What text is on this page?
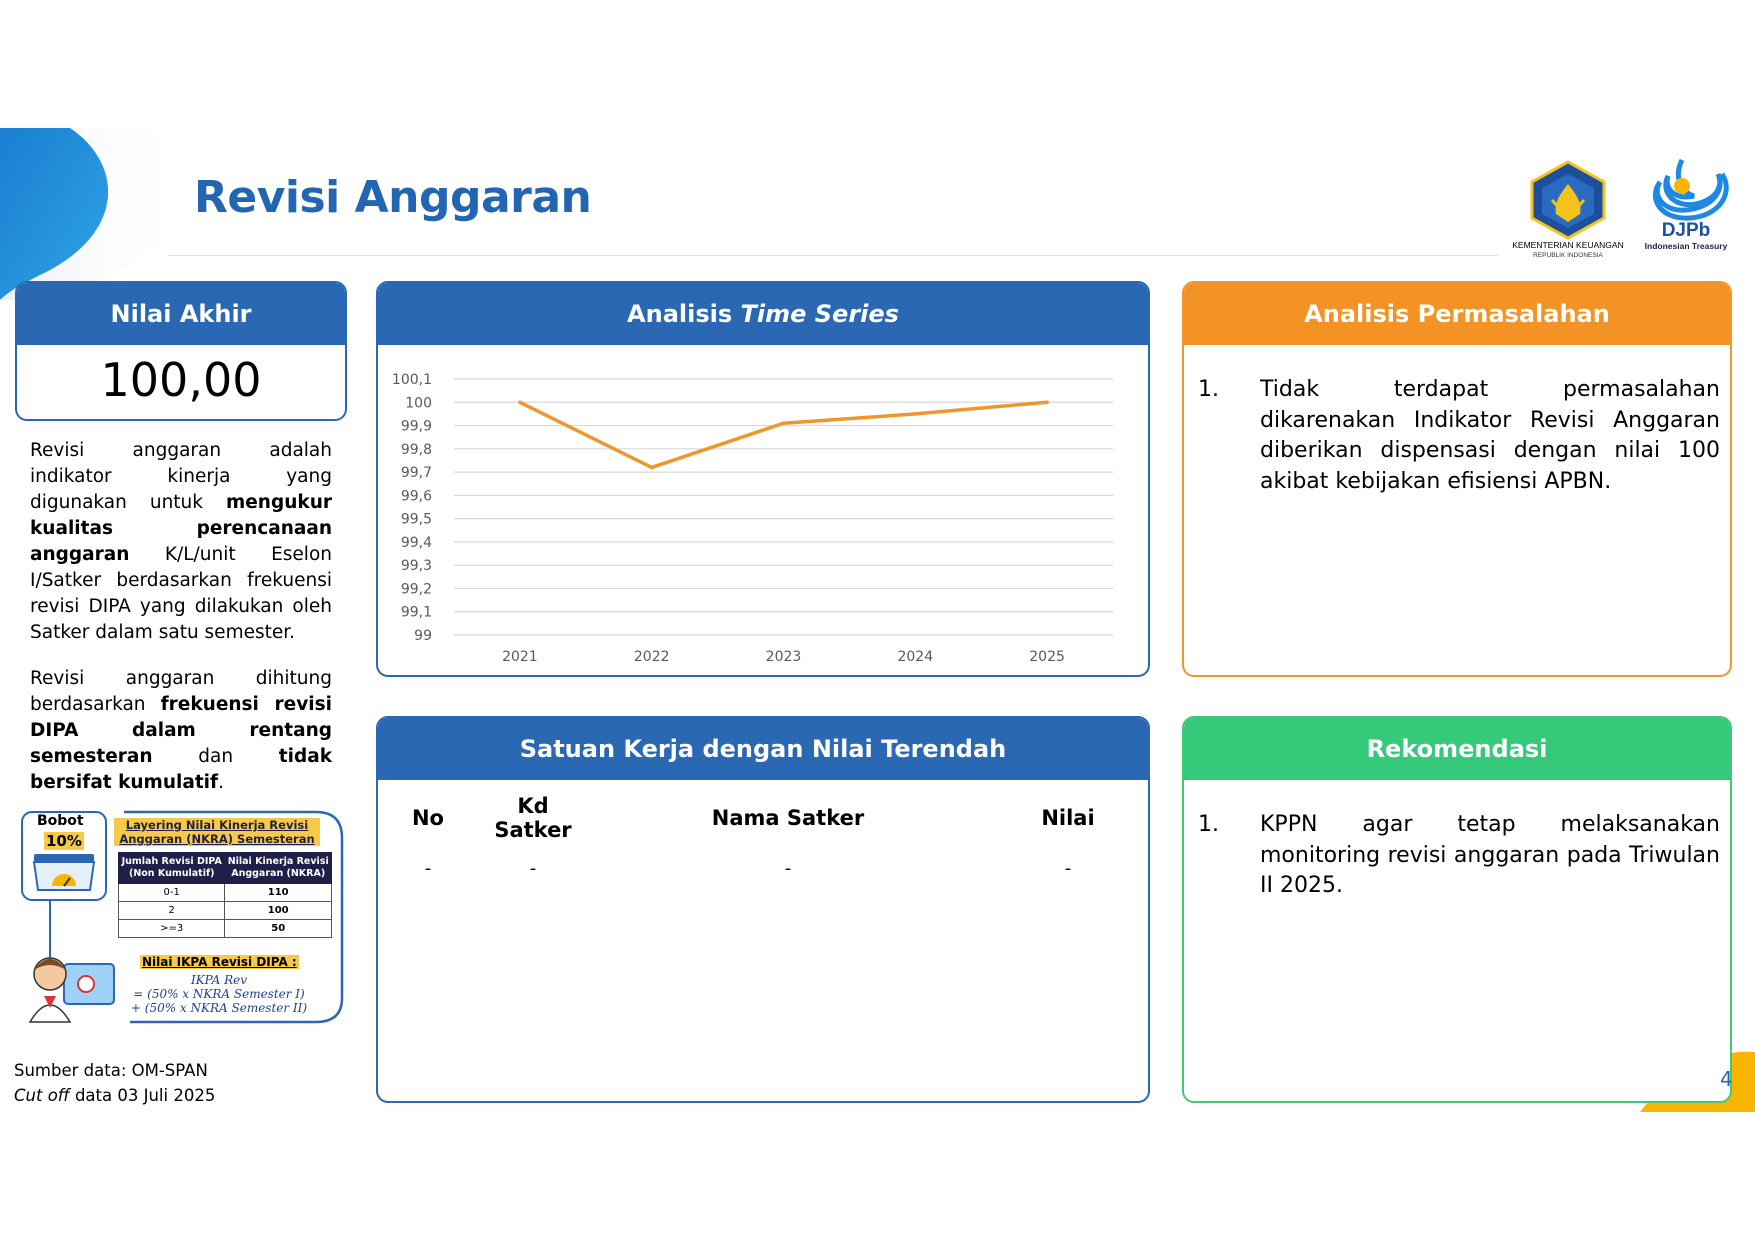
Revisi Anggaran
KEMENTERIAN KEUANGAN
REPUBLIK INDONESIA
DJPb
Indonesian Treasury
Nilai Akhir
100,00
Revisi anggaran adalah indikator kinerja yang digunakan untuk mengukur kualitas perencanaan anggaran K/L/unit Eselon I/Satker berdasarkan frekuensi revisi DIPA yang dilakukan oleh Satker dalam satu semester.
Revisi anggaran dihitung berdasarkan frekuensi revisi DIPA dalam rentang semesteran dan tidak bersifat kumulatif.
Bobot
10%
Layering Nilai Kinerja Revisi Anggaran (NKRA) Semesteran
Jumlah Revisi DIPA (Non Kumulatif)	Nilai Kinerja Revisi Anggaran (NKRA)
0-1	110
2	100
>=3	50
Nilai IKPA Revisi DIPA :
IKPA Rev
= (50% x NKRA Semester I)
+ (50% x NKRA Semester II)
Analisis
Time Series
99
99,1
99,2
99,3
99,4
99,5
99,6
99,7
99,8
99,9
100
100,1
2021	2022	2023	2024	2025
Satuan Kerja dengan Nilai Terendah
No	Kd Satker	Nama Satker	Nilai
-	-	-	-
Analisis Permasalahan
1. Tidak terdapat permasalahan dikarenakan Indikator Revisi Anggaran diberikan dispensasi dengan nilai 100 akibat kebijakan efisiensi APBN.
Rekomendasi
1. KPPN agar tetap melaksanakan monitoring revisi anggaran pada Triwulan II 2025.
Sumber data: OM-SPAN
Cut off data 03 Juli 2025
4
